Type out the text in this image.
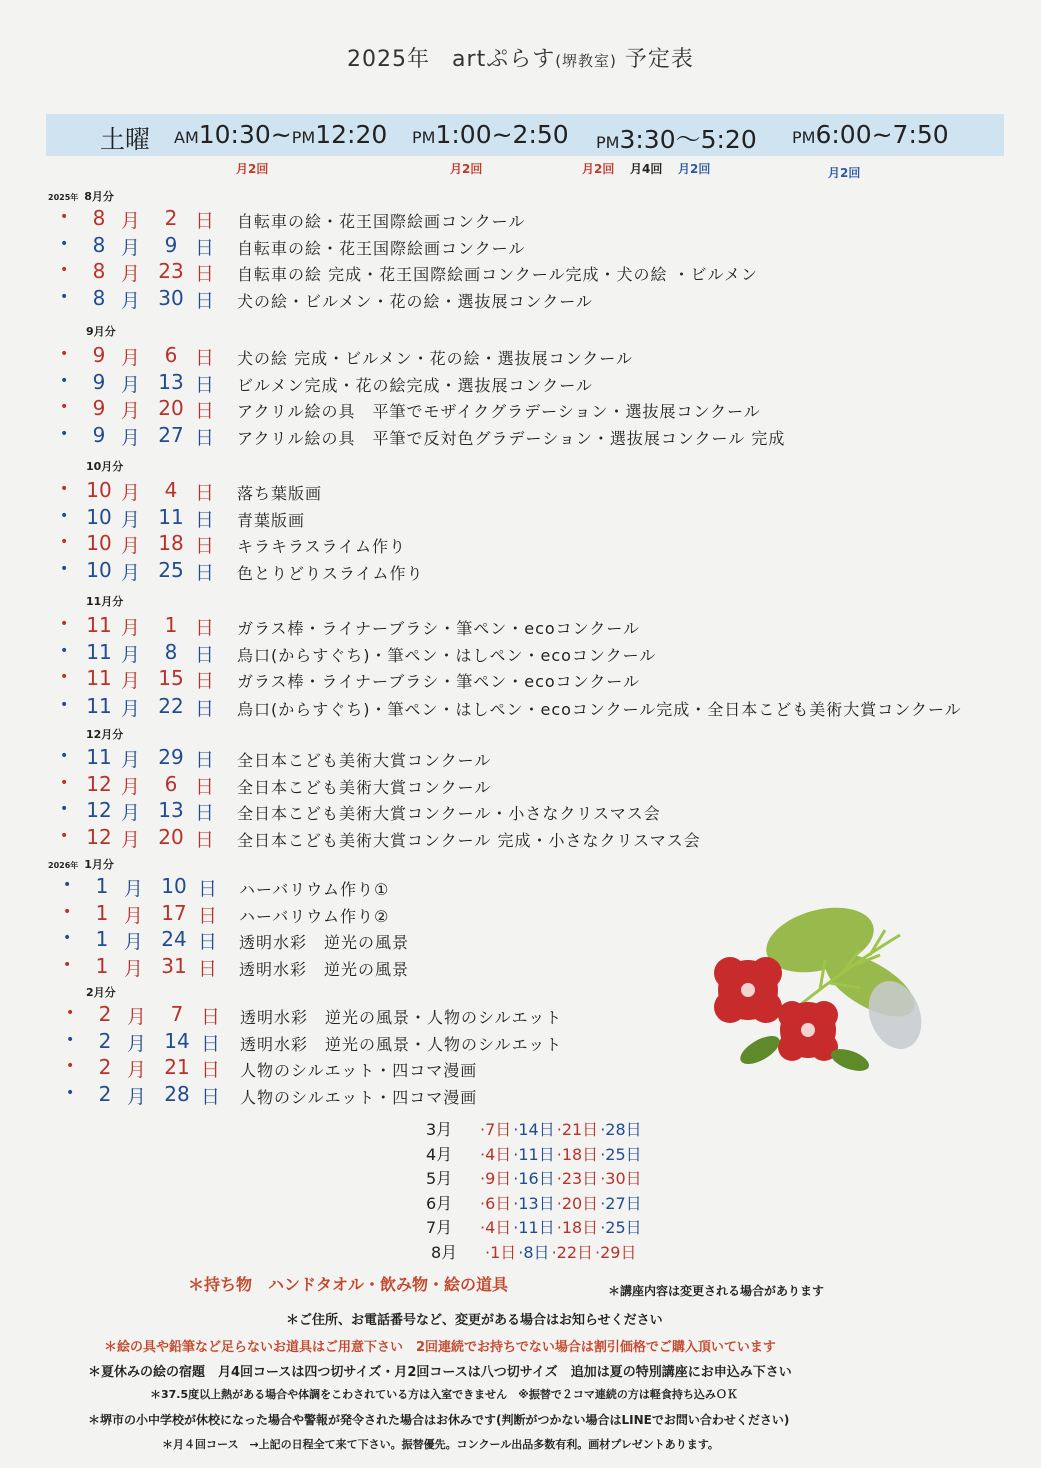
2025年 artぷらす(堺教室) 予定表
土曜 AM10:30~PM12:20 PM1:00~2:50 PM3:30～5:20 PM6:00~7:50
月2回	月2回	月2回 月4回 月2回	月2回
2025年 8月分
•	8 月	2 日 自転車の絵・花王国際絵画コンクール
•	8 月	9 日 自転車の絵・花王国際絵画コンクール
•	8 月 23 日 自転車の絵 完成・花王国際絵画コンクール完成・犬の絵 ・ビルメン
•	8 月 30 日 犬の絵・ビルメン・花の絵・選抜展コンクール
9月分
•	9 月	6 日 犬の絵 完成・ビルメン・花の絵・選抜展コンクール
•	9 月 13 日 ビルメン完成・花の絵完成・選抜展コンクール
•	9 月 20 日 アクリル絵の具　平筆でモザイクグラデーション・選抜展コンクール
•	9 月 27 日 アクリル絵の具　平筆で反対色グラデーション・選抜展コンクール 完成
10月分
• 10 月	4 日 落ち葉版画
• 10 月 11 日 青葉版画
• 10 月 18 日 キラキラスライム作り
• 10 月 25 日 色とりどりスライム作り
11月分
• 11 月	1 日 ガラス棒・ライナーブラシ・筆ペン・ecoコンクール
• 11 月	8 日 烏口(からすぐち)・筆ペン・はしペン・ecoコンクール
• 11 月 15 日 ガラス棒・ライナーブラシ・筆ペン・ecoコンクール
• 11 月 22 日 烏口(からすぐち)・筆ペン・はしペン・ecoコンクール完成・全日本こども美術大賞コンクール
12月分
• 11 月 29 日 全日本こども美術大賞コンクール
• 12 月	6 日 全日本こども美術大賞コンクール
• 12 月 13 日 全日本こども美術大賞コンクール・小さなクリスマス会
• 12 月 20 日 全日本こども美術大賞コンクール 完成・小さなクリスマス会
2026年 1月分
•	1 月 10 日 ハーバリウム作り①
•	1 月 17 日 ハーバリウム作り②
•	1 月 24 日 透明水彩　逆光の風景
•	1 月 31 日 透明水彩　逆光の風景
2月分
•	2 月	7 日 透明水彩　逆光の風景・人物のシルエット
•	2 月 14 日 透明水彩　逆光の風景・人物のシルエット
•	2 月 21 日 人物のシルエット・四コマ漫画
•	2 月 28 日 人物のシルエット・四コマ漫画
3月 ·7日 ·14日 ·21日 ·28日
4月 ·4日 ·11日 ·18日 ·25日
5月 ·9日 ·16日 ·23日 ·30日
6月 ·6日 ·13日 ·20日 ·27日
7月 ·4日 ·11日 ·18日 ·25日
8月 ·1日 ·8日 ·22日 ·29日
＊持ち物　ハンドタオル・飲み物・絵の道具	＊講座内容は変更される場合があります
＊ご住所、お電話番号など、変更がある場合はお知らせください
＊絵の具や鉛筆など足らないお道具はご用意下さい　2回連続でお持ちでない場合は割引価格でご購入頂いています
＊夏休みの絵の宿題　月4回コースは四つ切サイズ・月2回コースは八つ切サイズ　追加は夏の特別講座にお申込み下さい
＊37.5度以上熱がある場合や体調をこわされている方は入室できません　※振替で２コマ連続の方は軽食持ち込みＯＫ
＊堺市の小中学校が休校になった場合や警報が発令された場合はお休みです(判断がつかない場合はLINEでお問い合わせください)
＊月４回コース　→上記の日程全て来て下さい。振替優先。コンクール出品多数有利。画材プレゼントあります。
